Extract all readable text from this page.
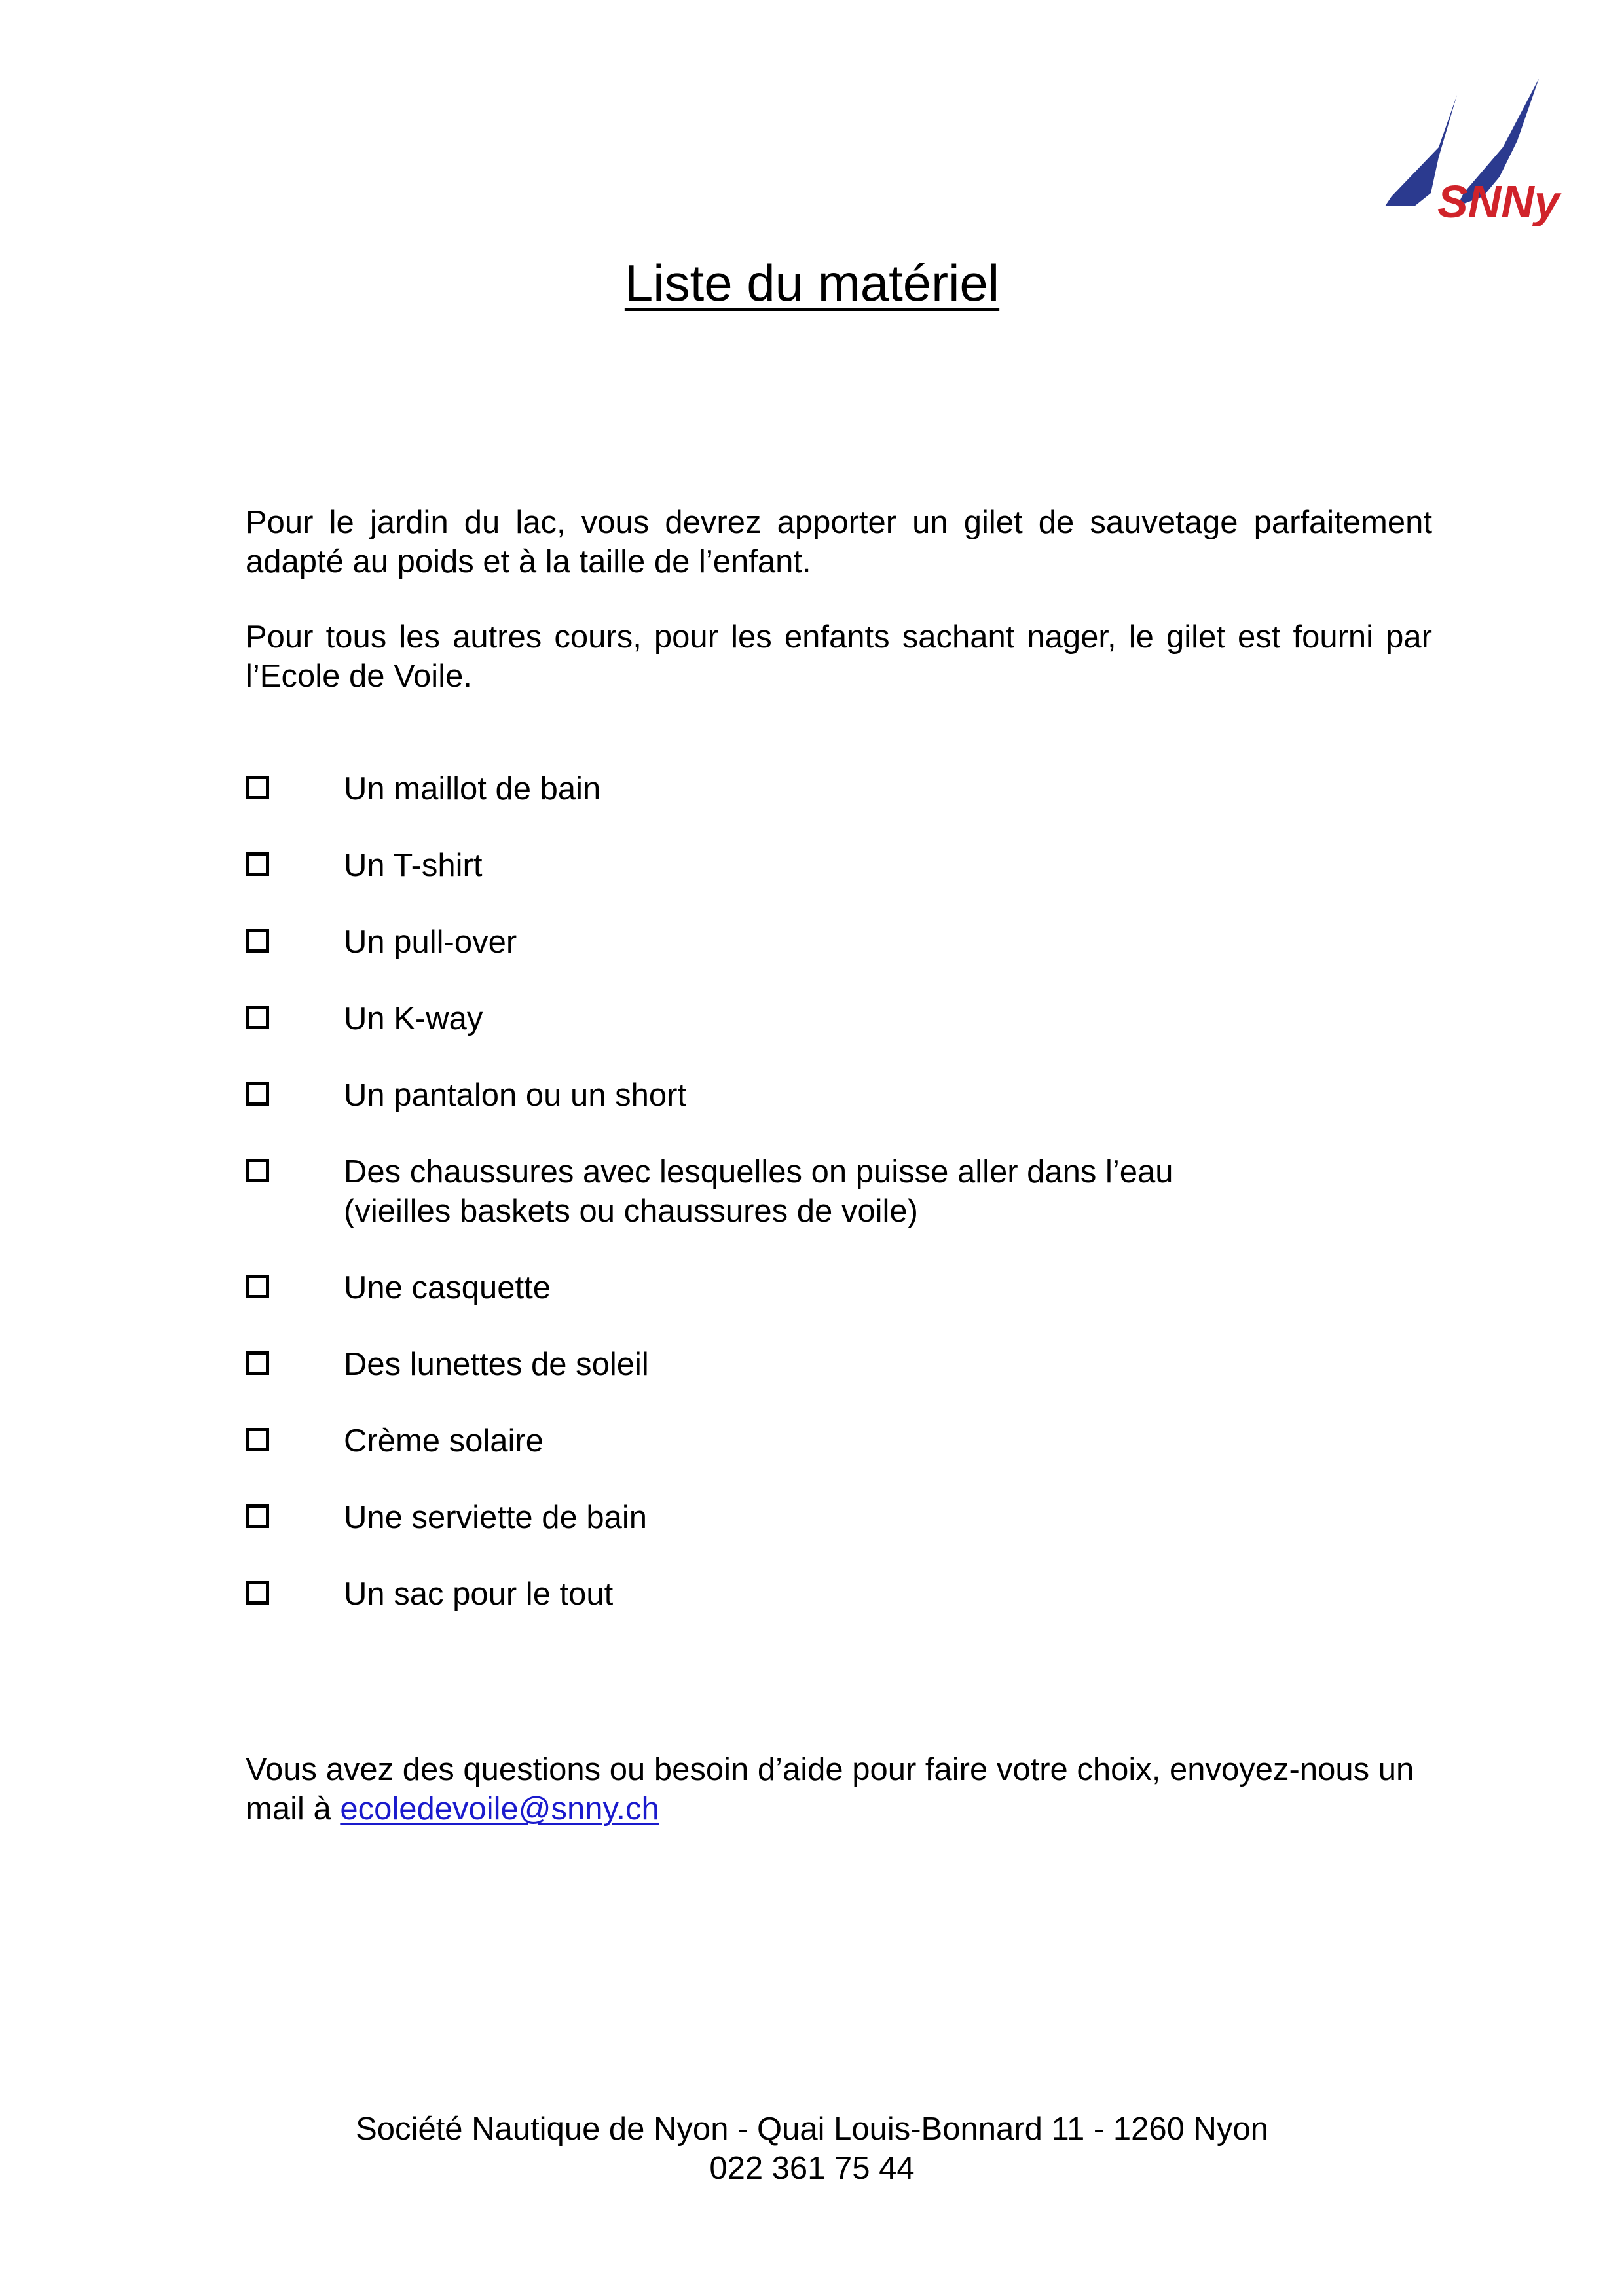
SNNy
Liste du matériel

Pour le jardin du lac, vous devrez apporter un gilet de sauvetage parfaitement adapté au poids et à la taille de l’enfant.

Pour tous les autres cours, pour les enfants sachant nager, le gilet est fourni par l’Ecole de Voile.

Un maillot de bain
Un T-shirt
Un pull-over
Un K-way
Un pantalon ou un short
Des chaussures avec lesquelles on puisse aller dans l’eau
(vieilles baskets ou chaussures de voile)
Une casquette
Des lunettes de soleil
Crème solaire
Une serviette de bain
Un sac pour le tout

Vous avez des questions ou besoin d’aide pour faire votre choix, envoyez-nous un mail à ecoledevoile@snny.ch

Société Nautique de Nyon - Quai Louis-Bonnard 11 - 1260 Nyon
022 361 75 44
